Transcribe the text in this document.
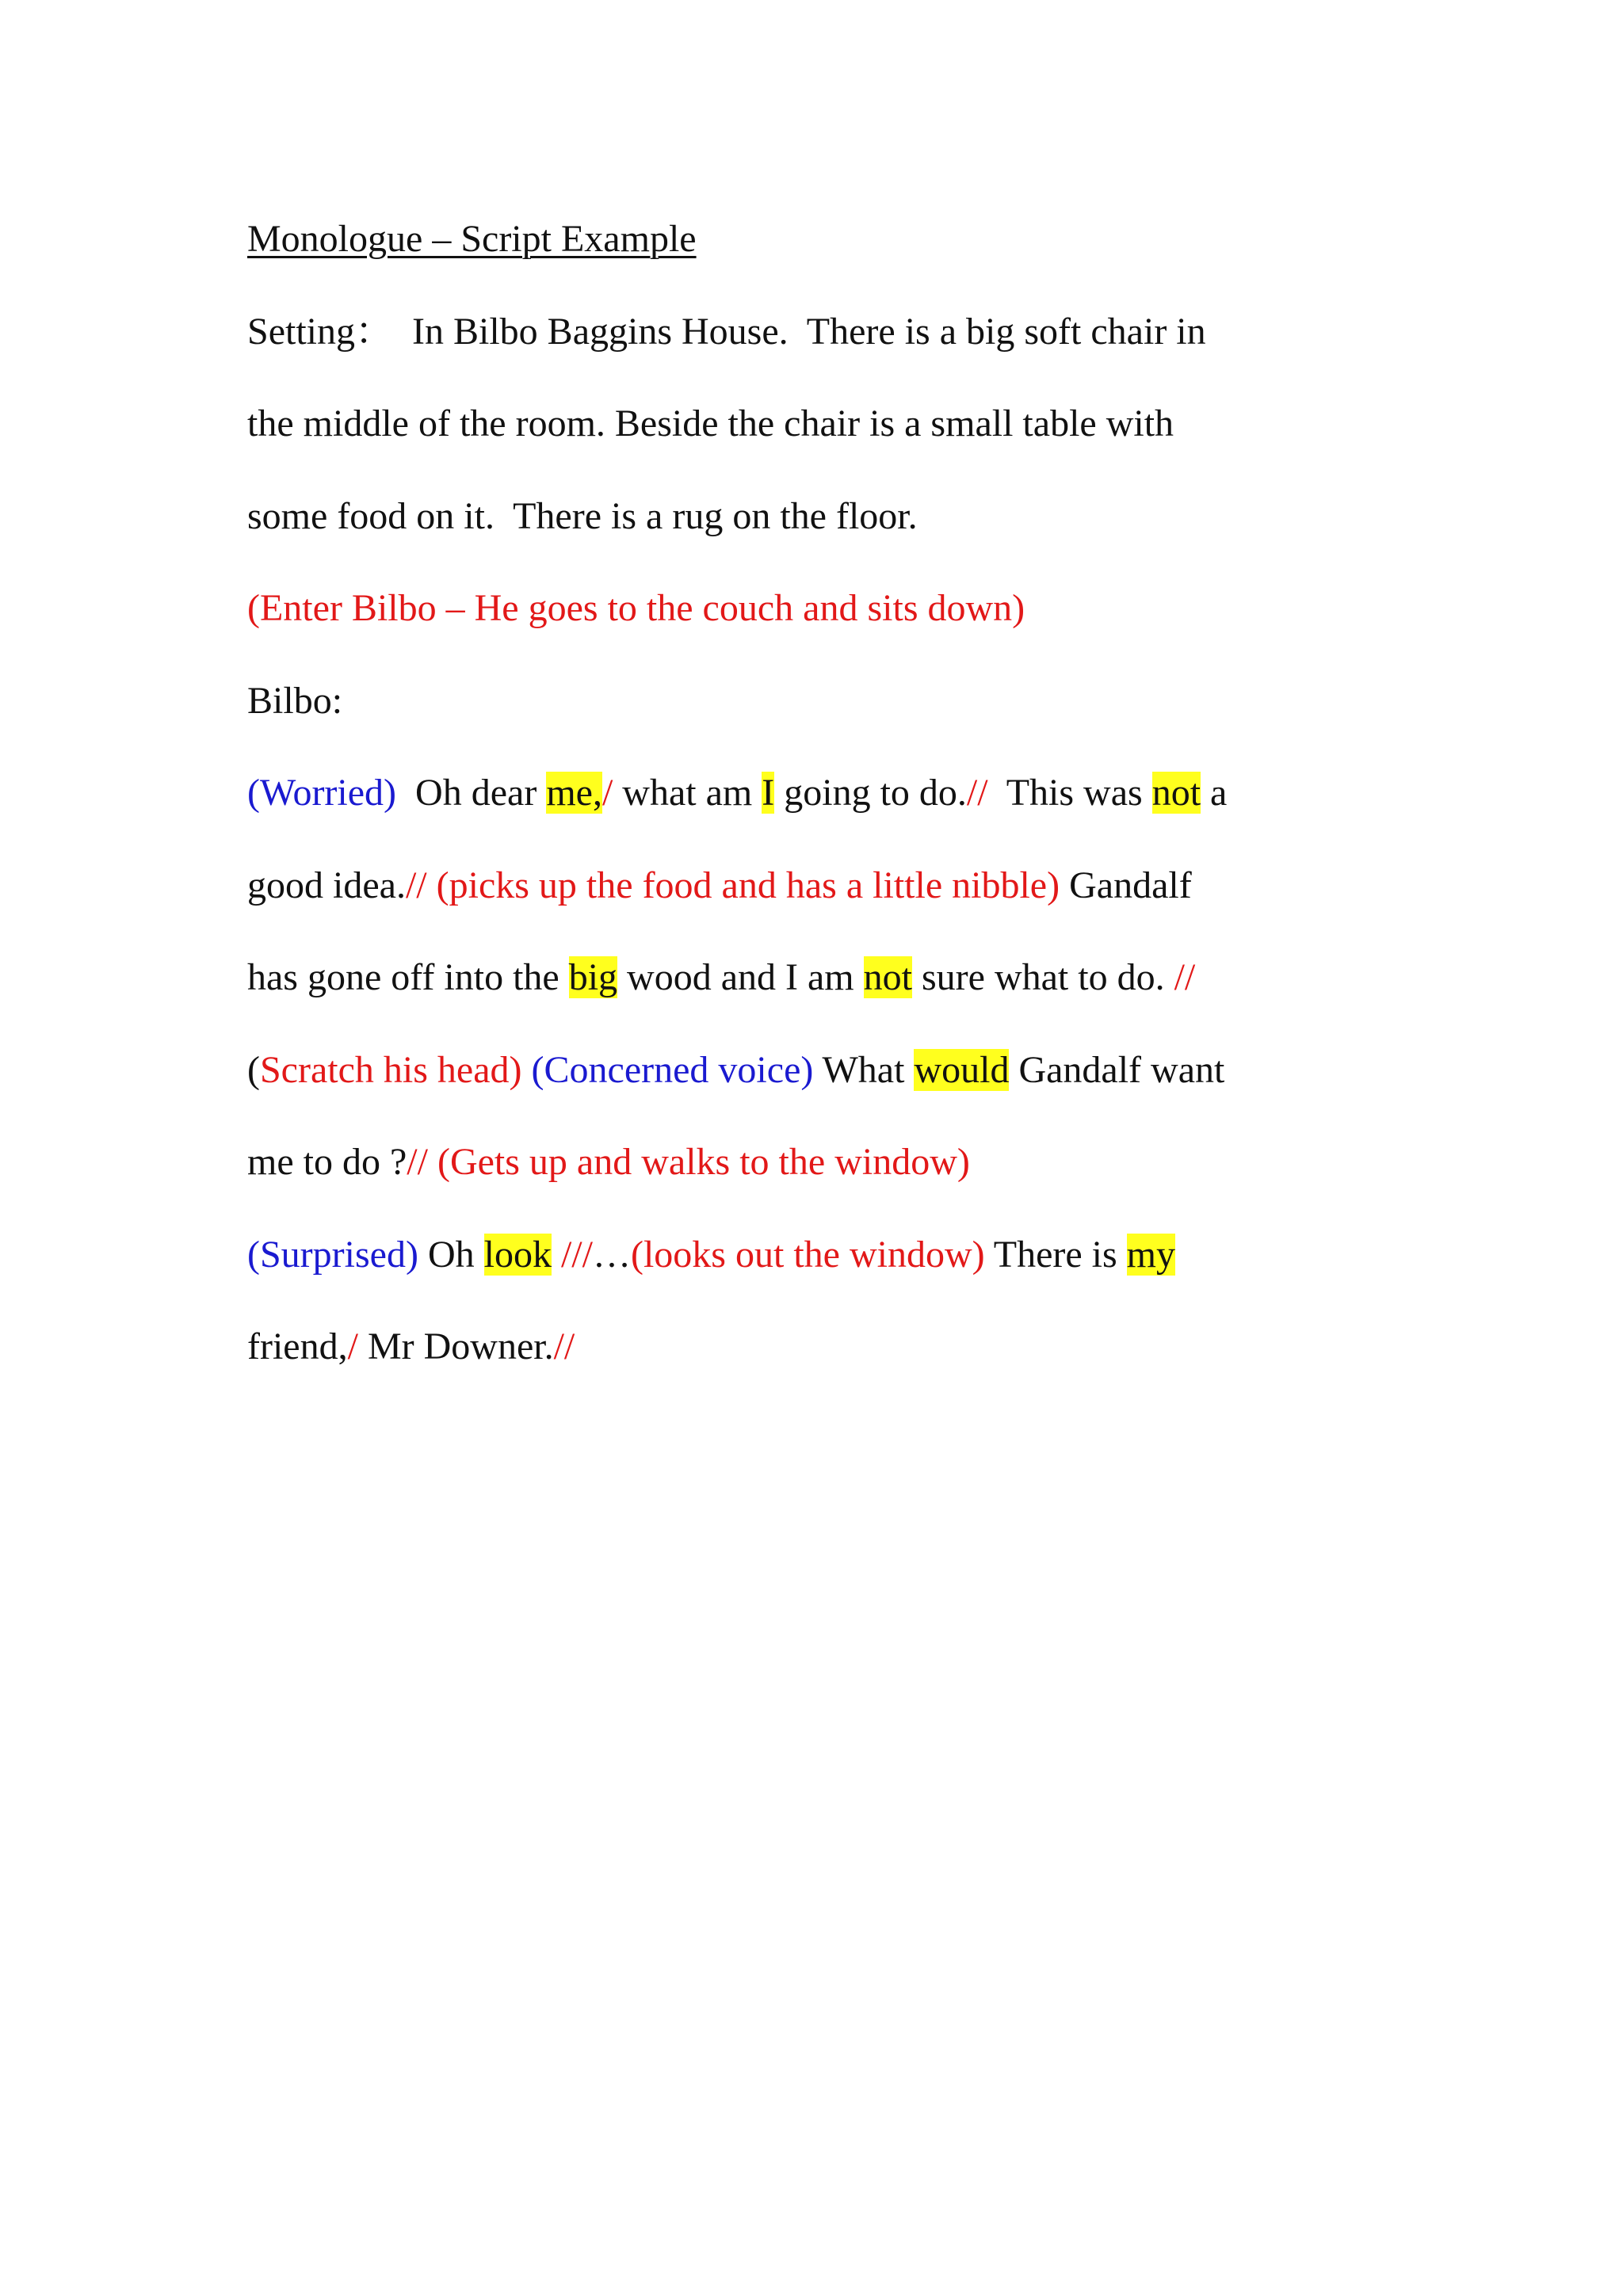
Monologue – Script Example
Setting：  In Bilbo Baggins House.  There is a big soft chair in
the middle of the room. Beside the chair is a small table with
some food on it.  There is a rug on the floor.
(Enter Bilbo – He goes to the couch and sits down)
Bilbo:
(Worried)  Oh dear me,/ what am I going to do.//  This was not a
good idea.// (picks up the food and has a little nibble) Gandalf
has gone off into the big wood and I am not sure what to do. //
(Scratch his head) (Concerned voice) What would Gandalf want
me to do ?// (Gets up and walks to the window)
(Surprised) Oh look ///…(looks out the window) There is my
friend,/ Mr Downer.//
